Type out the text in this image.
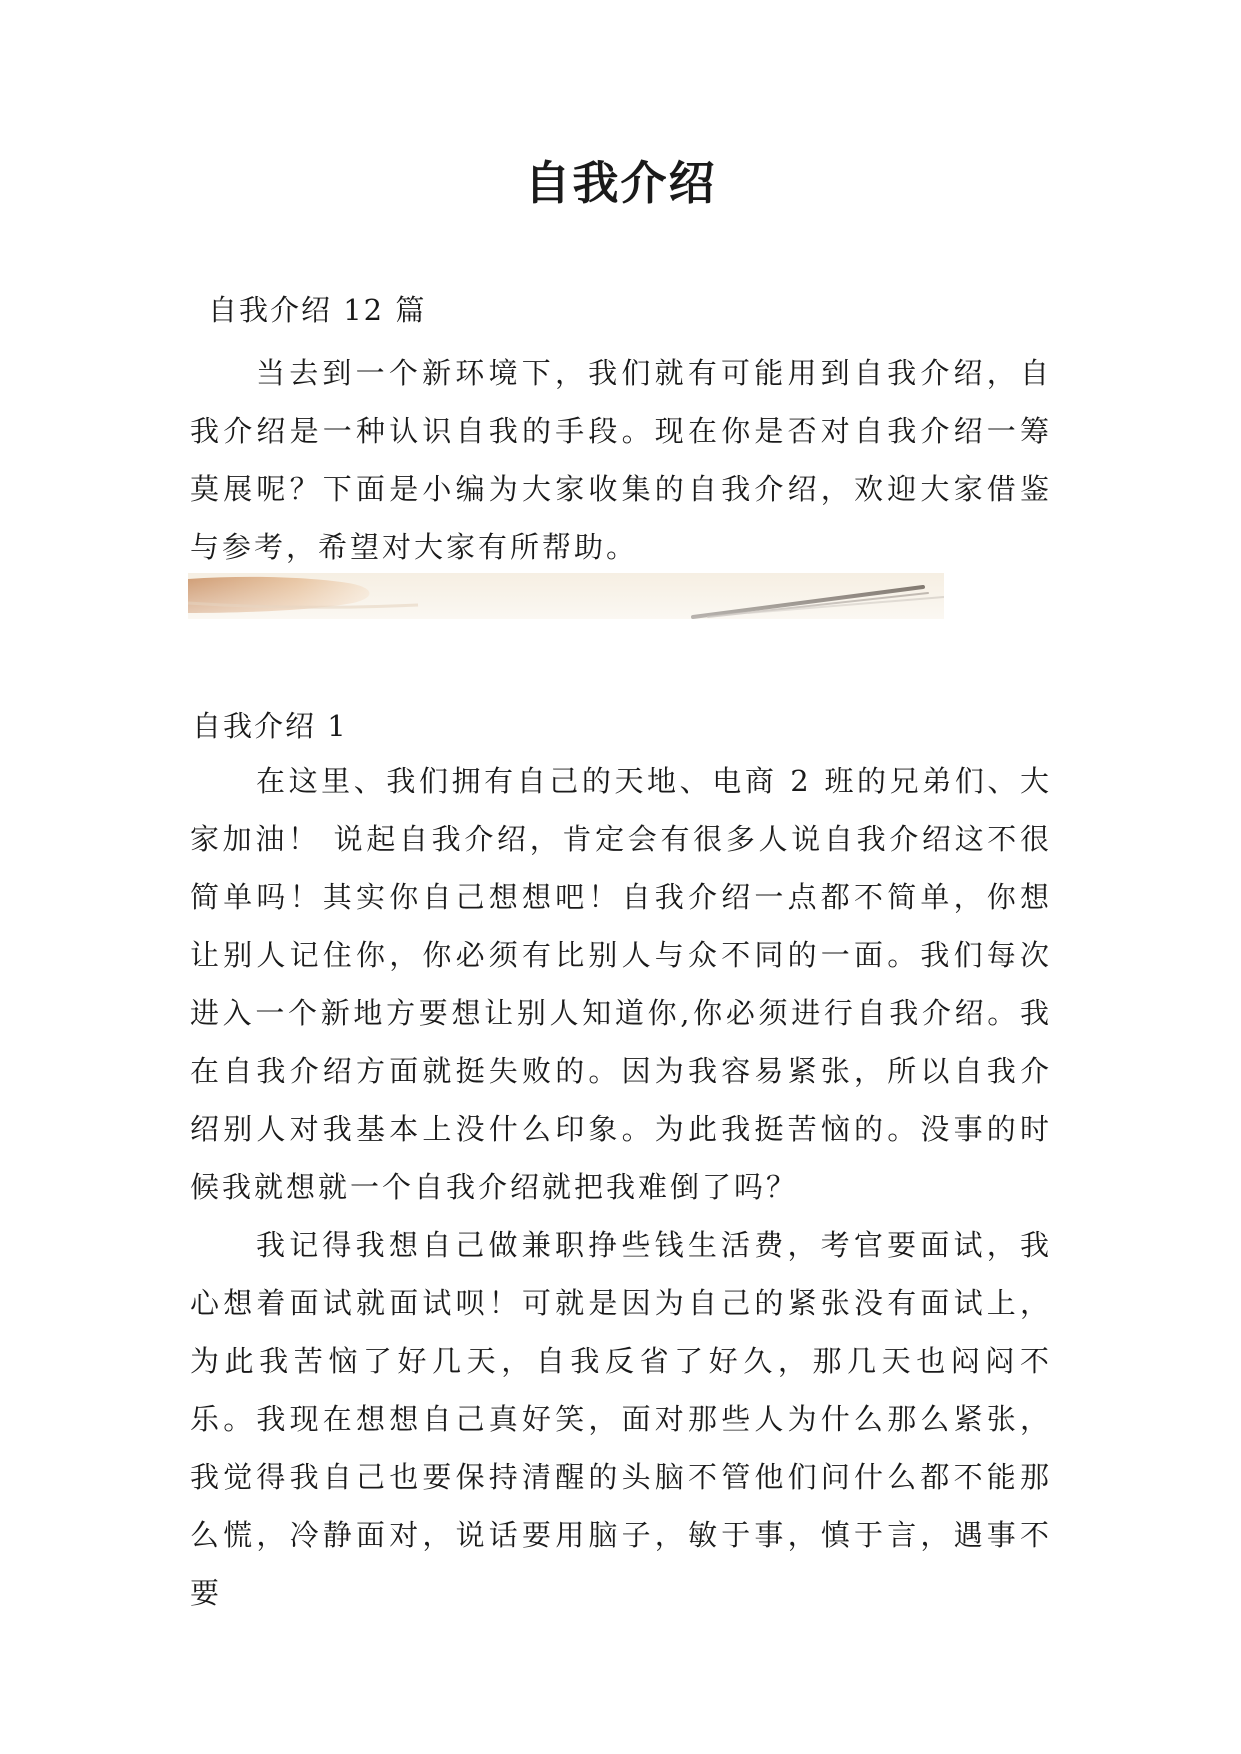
自我介绍

自我介绍 12 篇

当去到一个新环境下，我们就有可能用到自我介绍，自我介绍是一种认识自我的手段。现在你是否对自我介绍一筹莫展呢？下面是小编为大家收集的自我介绍，欢迎大家借鉴与参考，希望对大家有所帮助。

自我介绍 1

在这里、我们拥有自己的天地、电商 2 班的兄弟们、大家加油！ 说起自我介绍，肯定会有很多人说自我介绍这不很简单吗！其实你自己想想吧！自我介绍一点都不简单，你想让别人记住你，你必须有比别人与众不同的一面。我们每次进入一个新地方要想让别人知道你,你必须进行自我介绍。我在自我介绍方面就挺失败的。因为我容易紧张，所以自我介绍别人对我基本上没什么印象。为此我挺苦恼的。没事的时候我就想就一个自我介绍就把我难倒了吗？

我记得我想自己做兼职挣些钱生活费，考官要面试，我心想着面试就面试呗！可就是因为自己的紧张没有面试上，为此我苦恼了好几天，自我反省了好久，那几天也闷闷不乐。我现在想想自己真好笑，面对那些人为什么那么紧张，我觉得我自己也要保持清醒的头脑不管他们问什么都不能那么慌，冷静面对，说话要用脑子，敏于事，慎于言，遇事不要
